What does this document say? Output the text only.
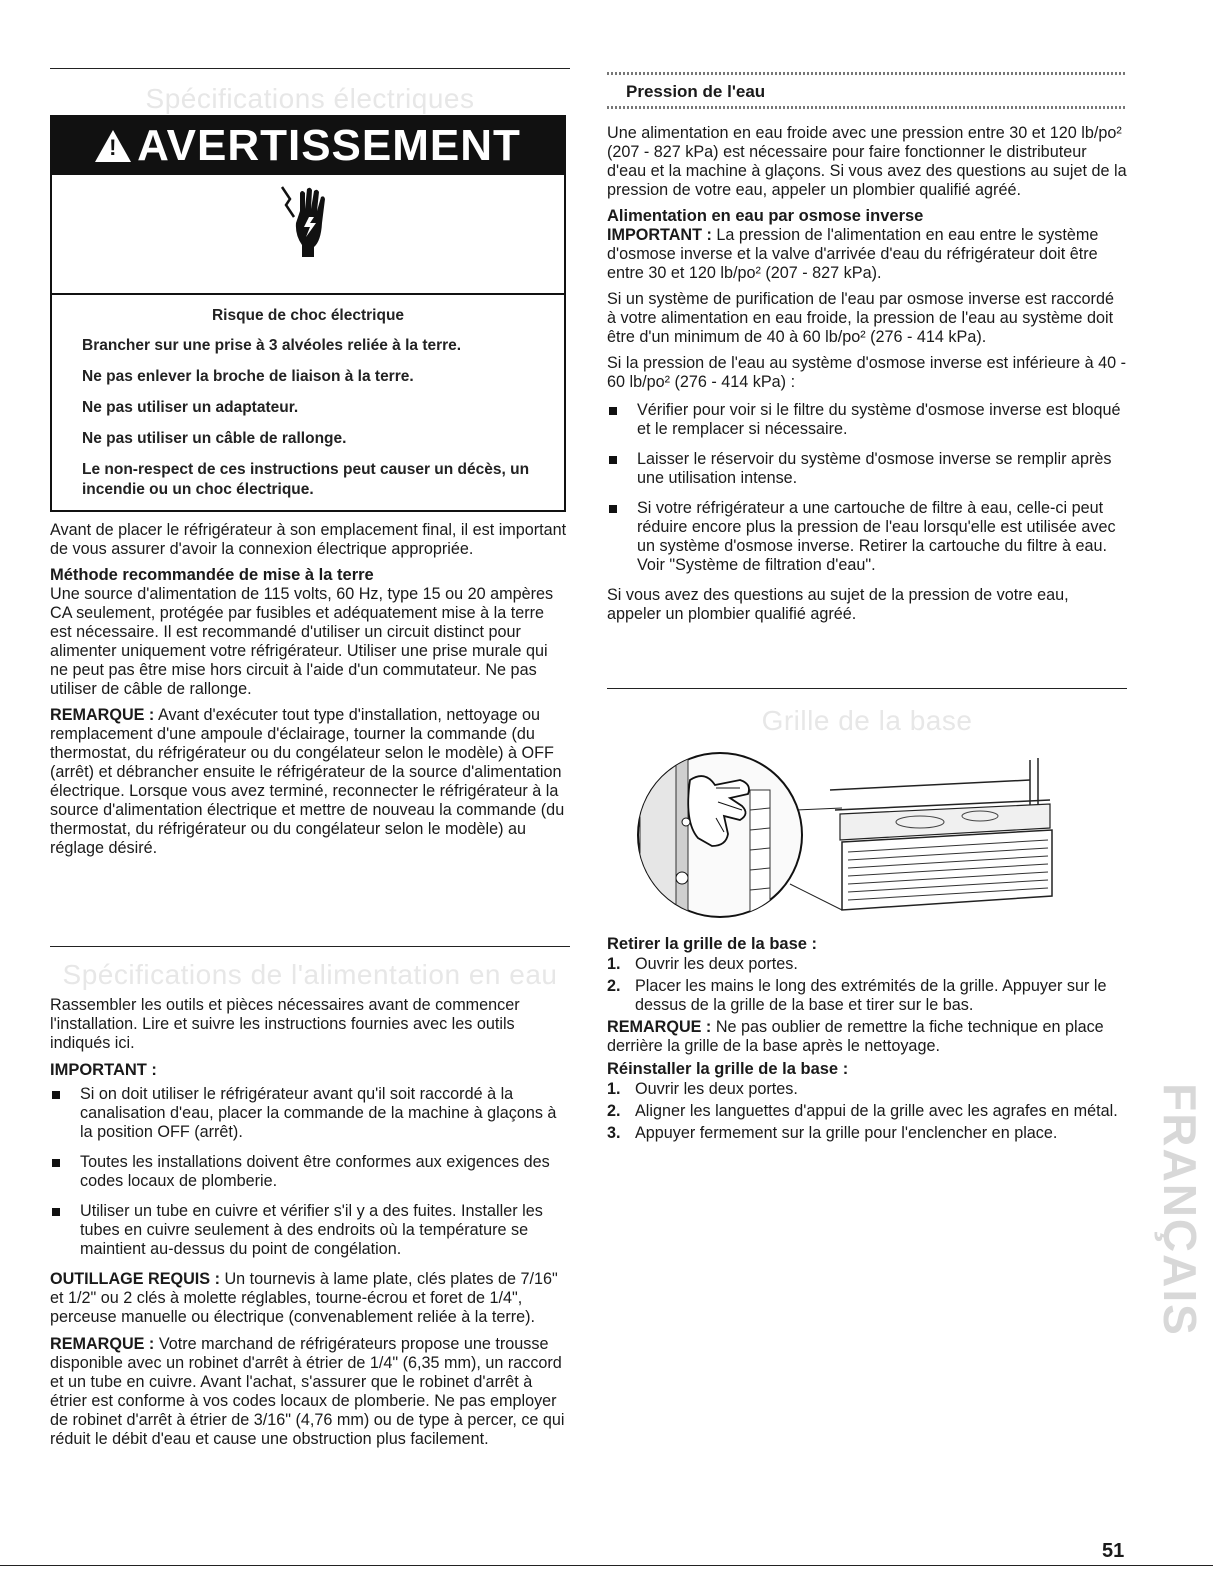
Spécifications électriques
!AVERTISSEMENT

Risque de choc électrique

Brancher sur une prise à 3 alvéoles reliée à la terre.

Ne pas enlever la broche de liaison à la terre.

Ne pas utiliser un adaptateur.

Ne pas utiliser un câble de rallonge.

Le non-respect de ces instructions peut causer un décès, un incendie ou un choc électrique.

Avant de placer le réfrigérateur à son emplacement final, il est important de vous assurer d'avoir la connexion électrique appropriée.

Méthode recommandée de mise à la terre

Une source d'alimentation de 115 volts, 60 Hz, type 15 ou 20 ampères CA seulement, protégée par fusibles et adéquatement mise à la terre est nécessaire. Il est recommandé d'utiliser un circuit distinct pour alimenter uniquement votre réfrigérateur. Utiliser une prise murale qui ne peut pas être mise hors circuit à l'aide d'un commutateur. Ne pas utiliser de câble de rallonge.

REMARQUE : Avant d'exécuter tout type d'installation, nettoyage ou remplacement d'une ampoule d'éclairage, tourner la commande (du thermostat, du réfrigérateur ou du congélateur selon le modèle) à OFF (arrêt) et débrancher ensuite le réfrigérateur de la source d'alimentation électrique. Lorsque vous avez terminé, reconnecter le réfrigérateur à la source d'alimentation électrique et mettre de nouveau la commande (du thermostat, du réfrigérateur ou du congélateur selon le modèle) au réglage désiré.

Spécifications de l'alimentation en eau

Rassembler les outils et pièces nécessaires avant de commencer l'installation. Lire et suivre les instructions fournies avec les outils indiqués ici.

IMPORTANT :
Si on doit utiliser le réfrigérateur avant qu'il soit raccordé à la canalisation d'eau, placer la commande de la machine à glaçons à la position OFF (arrêt).
Toutes les installations doivent être conformes aux exigences des codes locaux de plomberie.
Utiliser un tube en cuivre et vérifier s'il y a des fuites. Installer les tubes en cuivre seulement à des endroits où la température se maintient au-dessus du point de congélation.

OUTILLAGE REQUIS : Un tournevis à lame plate, clés plates de 7/16" et 1/2" ou 2 clés à molette réglables, tourne-écrou et foret de 1/4", perceuse manuelle ou électrique (convenablement reliée à la terre).

REMARQUE : Votre marchand de réfrigérateurs propose une trousse disponible avec un robinet d'arrêt à étrier de 1/4" (6,35 mm), un raccord et un tube en cuivre. Avant l'achat, s'assurer que le robinet d'arrêt à étrier est conforme à vos codes locaux de plomberie. Ne pas employer de robinet d'arrêt à étrier de 3/16" (4,76 mm) ou de type à percer, ce qui réduit le débit d'eau et cause une obstruction plus facilement.

Pression de l'eau

Une alimentation en eau froide avec une pression entre 30 et 120 lb/po² (207 - 827 kPa) est nécessaire pour faire fonctionner le distributeur d'eau et la machine à glaçons. Si vous avez des questions au sujet de la pression de votre eau, appeler un plombier qualifié agréé.

Alimentation en eau par osmose inverse

IMPORTANT : La pression de l'alimentation en eau entre le système d'osmose inverse et la valve d'arrivée d'eau du réfrigérateur doit être entre 30 et 120 lb/po² (207 - 827 kPa).

Si un système de purification de l'eau par osmose inverse est raccordé à votre alimentation en eau froide, la pression de l'eau au système doit être d'un minimum de 40 à 60 lb/po² (276 - 414 kPa).

Si la pression de l'eau au système d'osmose inverse est inférieure à 40 - 60 lb/po² (276 - 414 kPa) :

Vérifier pour voir si le filtre du système d'osmose inverse est bloqué et le remplacer si nécessaire.
Laisser le réservoir du système d'osmose inverse se remplir après une utilisation intense.
Si votre réfrigérateur a une cartouche de filtre à eau, celle-ci peut réduire encore plus la pression de l'eau lorsqu'elle est utilisée avec un système d'osmose inverse. Retirer la cartouche du filtre à eau. Voir "Système de filtration d'eau".

Si vous avez des questions au sujet de la pression de votre eau, appeler un plombier qualifié agréé.

Grille de la base
Retirer la grille de la base :
1. Ouvrir les deux portes.
2. Placer les mains le long des extrémités de la grille. Appuyer sur le dessus de la grille de la base et tirer sur le bas.

REMARQUE : Ne pas oublier de remettre la fiche technique en place derrière la grille de la base après le nettoyage.

Réinstaller la grille de la base :
1. Ouvrir les deux portes.
2. Aligner les languettes d'appui de la grille avec les agrafes en métal.
3. Appuyer fermement sur la grille pour l'enclencher en place.	FRANÇAIS
51
